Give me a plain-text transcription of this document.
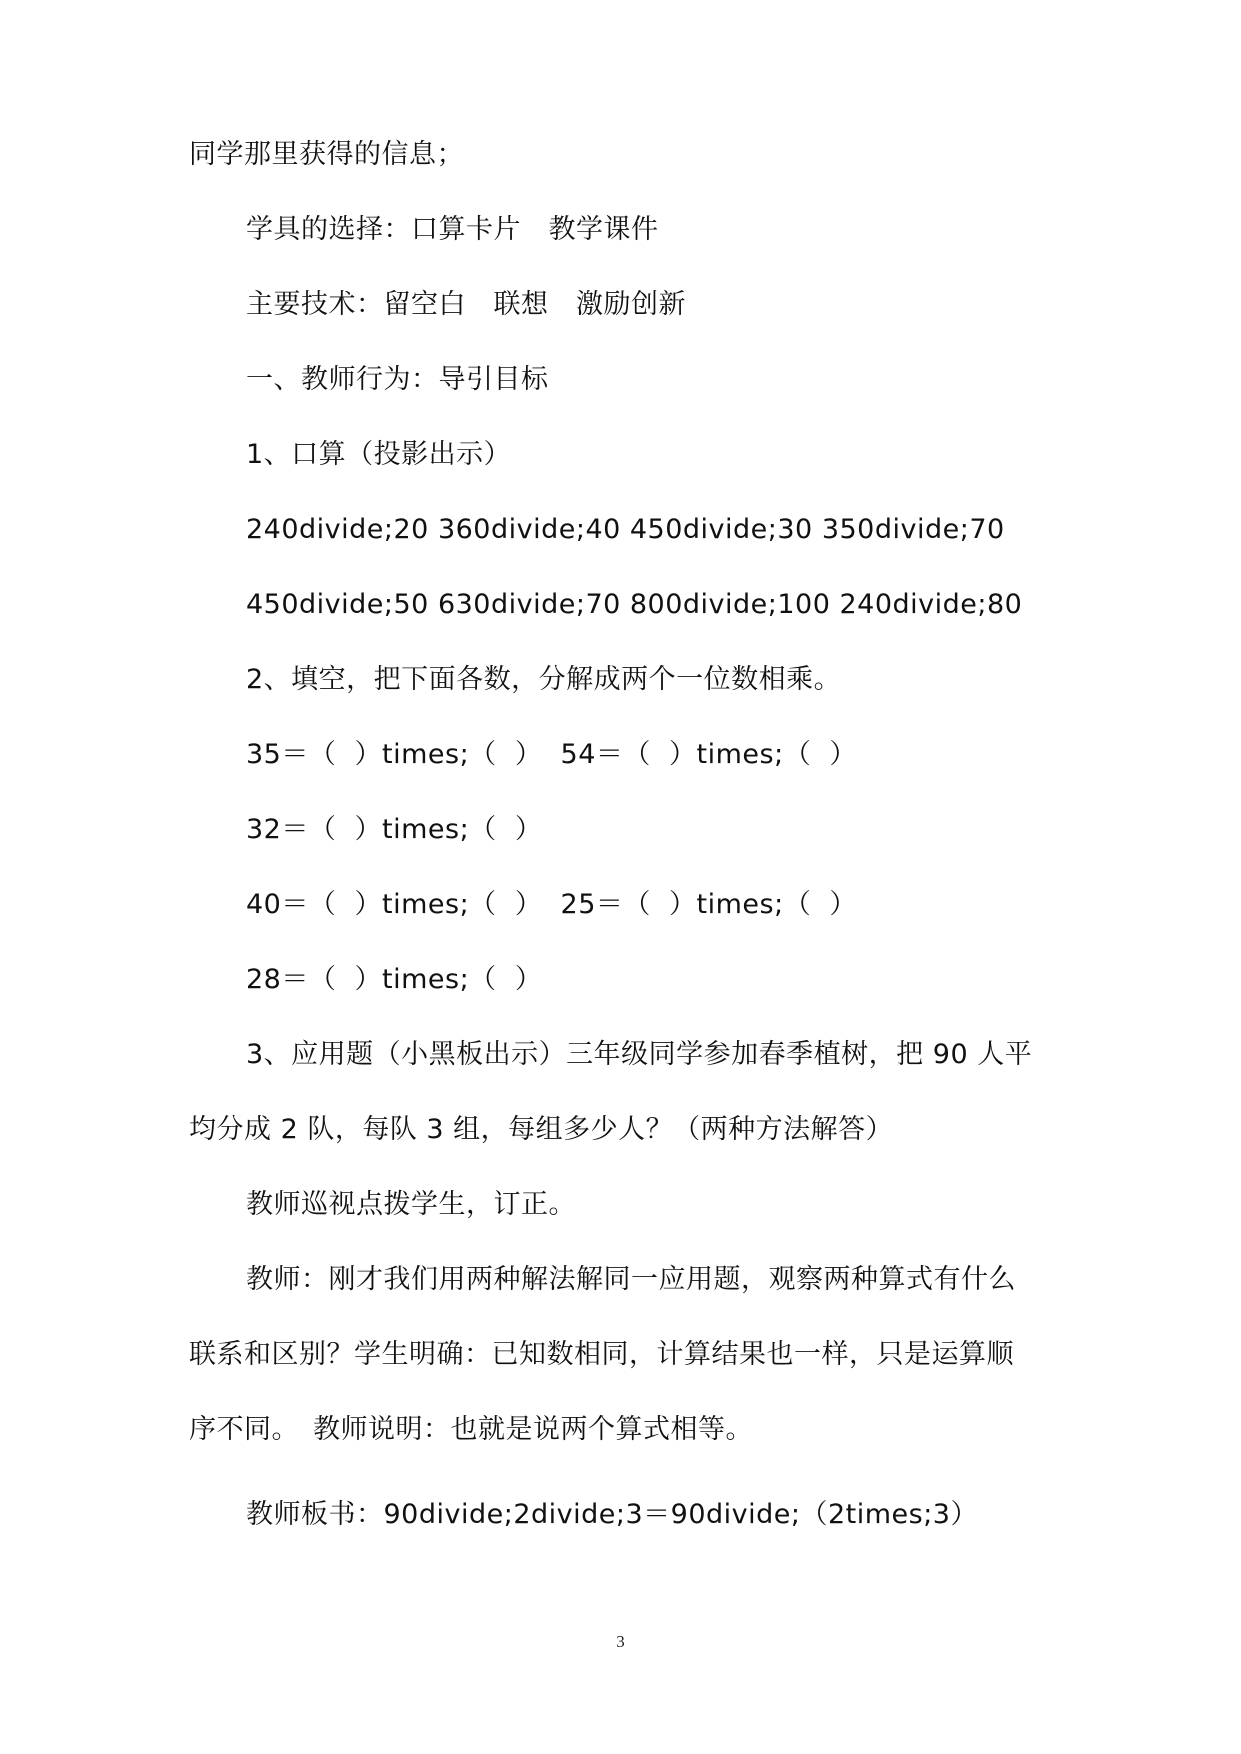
同学那里获得的信息；
学具的选择：口算卡片　教学课件
主要技术：留空白　联想　激励创新
一、教师行为：导引目标
1、口算（投影出示）
240divide;20 360divide;40 450divide;30 350divide;70
450divide;50 630divide;70 800divide;100 240divide;80
2、填空，把下面各数，分解成两个一位数相乘。
35＝（  ）times;（  ）  54＝（  ）times;（  ）
32＝（  ）times;（  ）
40＝（  ）times;（  ）  25＝（  ）times;（  ）
28＝（  ）times;（  ）
3、应用题（小黑板出示）三年级同学参加春季植树，把 90 人平
均分成 2 队，每队 3 组，每组多少人？（两种方法解答）
教师巡视点拨学生，订正。
教师：刚才我们用两种解法解同一应用题，观察两种算式有什么
联系和区别？学生明确：已知数相同，计算结果也一样，只是运算顺
序不同。　教师说明：也就是说两个算式相等。
教师板书：90divide;2divide;3＝90divide;（2times;3）
3
